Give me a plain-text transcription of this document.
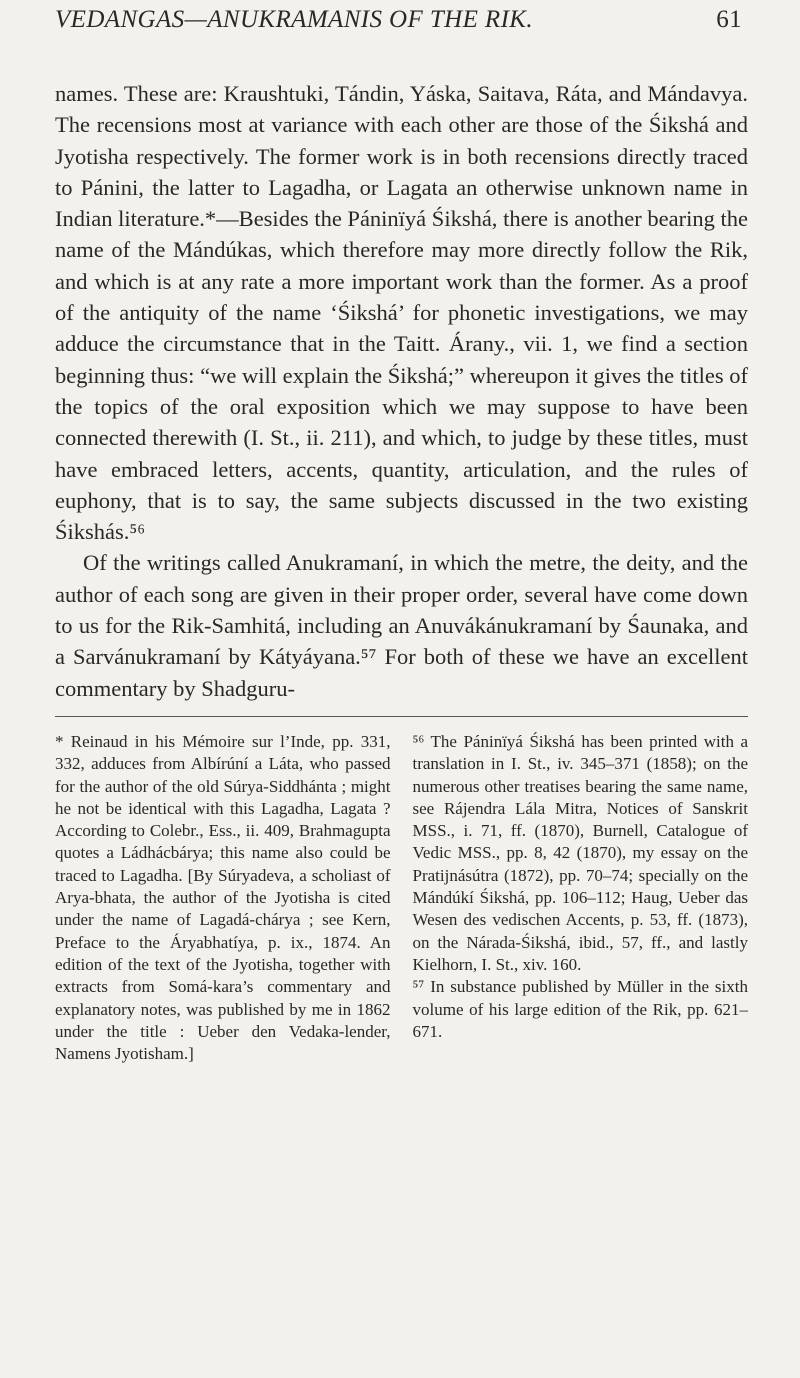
VEDANGAS—ANUKRAMANIS OF THE RIK.	61

names. These are: Kraushtuki, Tándin, Yáska, Saitava, Ráta, and Mándavya. The recensions most at variance with each other are those of the Śikshá and Jyotisha respectively. The former work is in both recensions directly traced to Pánini, the latter to Lagadha, or Lagata an otherwise unknown name in Indian literature.*—Besides the Páninïyá Śikshá, there is another bearing the name of the Mándúkas, which therefore may more directly follow the Rik, and which is at any rate a more important work than the former. As a proof of the antiquity of the name ‘Śikshá’ for phonetic investigations, we may adduce the circumstance that in the Taitt. Árany., vii. 1, we find a section beginning thus: “we will explain the Śikshá;” whereupon it gives the titles of the topics of the oral exposition which we may suppose to have been connected therewith (I. St., ii. 211), and which, to judge by these titles, must have embraced letters, accents, quantity, articulation, and the rules of euphony, that is to say, the same subjects discussed in the two existing Śikshás.⁵⁶

Of the writings called Anukramaní, in which the metre, the deity, and the author of each song are given in their proper order, several have come down to us for the Rik-Samhitá, including an Anuvákánukramaní by Śaunaka, and a Sarvánukramaní by Kátyáyana.⁵⁷ For both of these we have an excellent commentary by Shadguru-

* Reinaud in his Mémoire sur l’Inde, pp. 331, 332, adduces from Albírúní a Láta, who passed for the author of the old Súrya-Siddhánta ; might he not be identical with this Lagadha, Lagata ? According to Colebr., Ess., ii. 409, Brahmagupta quotes a Ládhácbárya; this name also could be traced to Lagadha. [By Súryadeva, a scholiast of Arya-bhata, the author of the Jyotisha is cited under the name of Lagadá-chárya ; see Kern, Preface to the Áryabhatíya, p. ix., 1874. An edition of the text of the Jyotisha, together with extracts from Somá-kara’s commentary and explanatory notes, was published by me in 1862 under the title : Ueber den Vedaka-lender, Namens Jyotisham.]

⁵⁶ The Páninïyá Śikshá has been printed with a translation in I. St., iv. 345–371 (1858); on the numerous other treatises bearing the same name, see Rájendra Lála Mitra, Notices of Sanskrit MSS., i. 71, ff. (1870), Burnell, Catalogue of Vedic MSS., pp. 8, 42 (1870), my essay on the Pratijnásútra (1872), pp. 70–74; specially on the Mándúkí Śikshá, pp. 106–112; Haug, Ueber das Wesen des vedischen Accents, p. 53, ff. (1873), on the Nárada-Śikshá, ibid., 57, ff., and lastly Kielhorn, I. St., xiv. 160.

⁵⁷ In substance published by Müller in the sixth volume of his large edition of the Rik, pp. 621–671.
